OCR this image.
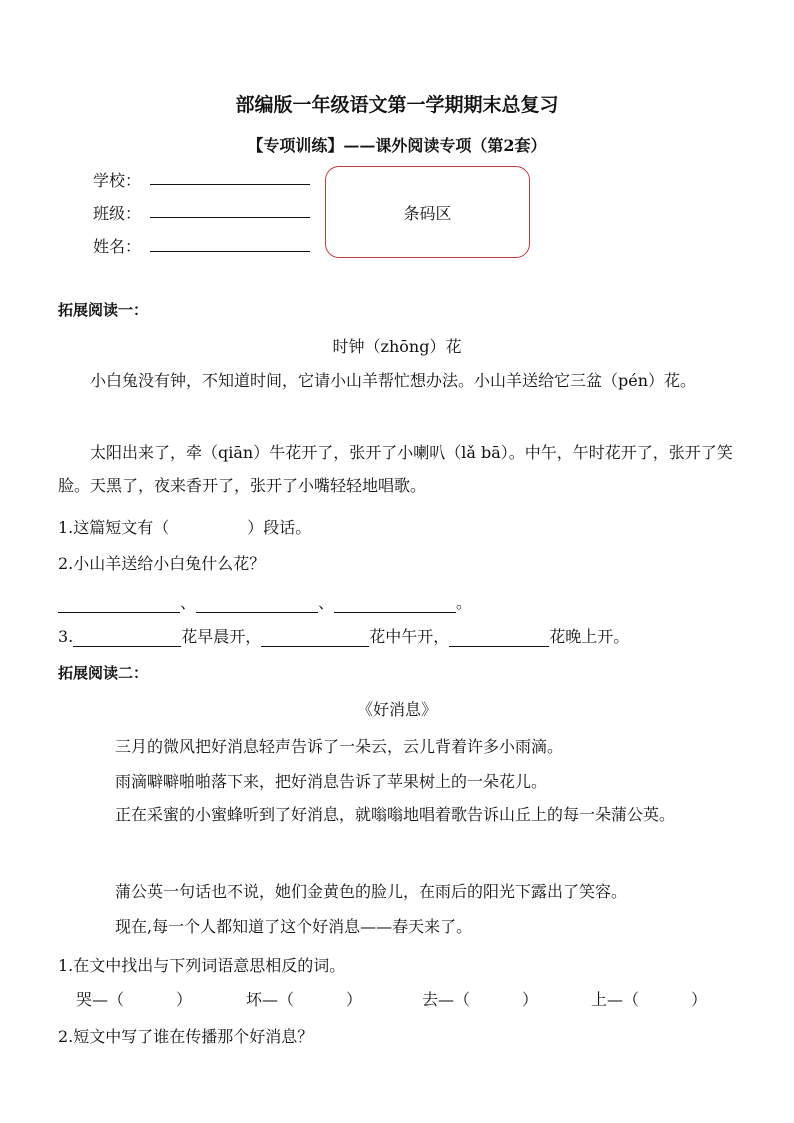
部编版一年级语文第一学期期末总复习
【专项训练】——课外阅读专项（第2套）
学校：
班级：
姓名：
条码区
拓展阅读一：
时钟（zhōng）花
小白兔没有钟，不知道时间，它请小山羊帮忙想办法。小山羊送给它三盆（pén）花。
太阳出来了，牵（qiān）牛花开了，张开了小喇叭（lǎ bā）。中午，午时花开了，张开了笑脸。天黑了，夜来香开了，张开了小嘴轻轻地唱歌。
1.这篇短文有（	）段话。
2.小山羊送给小白兔什么花？
、	、	。
3.	花早晨开，	花中午开，	花晚上开。
拓展阅读二：
《好消息》
三月的微风把好消息轻声告诉了一朵云，云儿背着许多小雨滴。
雨滴噼噼啪啪落下来，把好消息告诉了苹果树上的一朵花儿。
正在采蜜的小蜜蜂听到了好消息，就嗡嗡地唱着歌告诉山丘上的每一朵蒲公英。
蒲公英一句话也不说，她们金黄色的脸儿，在雨后的阳光下露出了笑容。
现在,每一个人都知道了这个好消息——春天来了。
1.在文中找出与下列词语意思相反的词。
哭—（	）	坏—（	）	去—（	）	上—（	）
2.短文中写了谁在传播那个好消息？
